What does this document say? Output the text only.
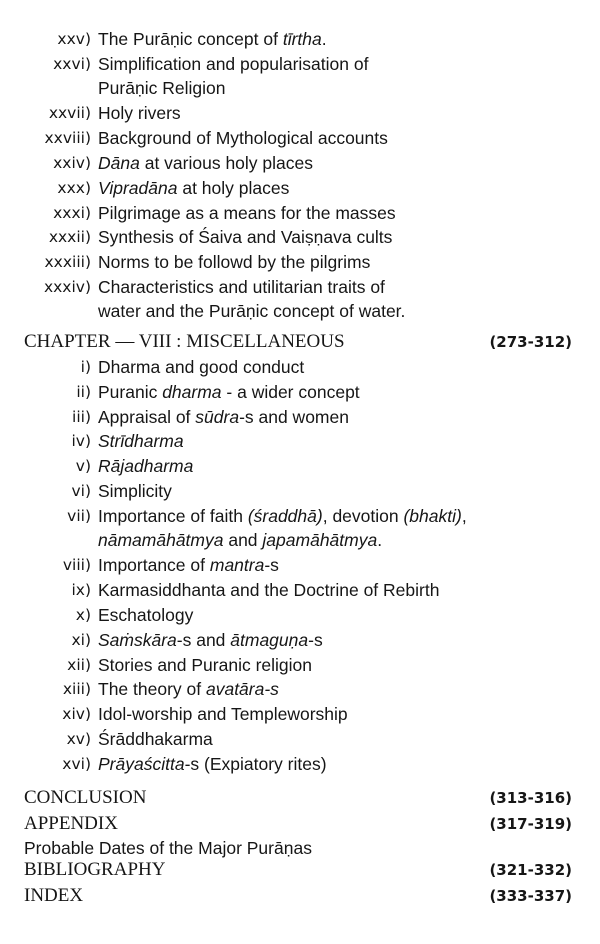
xxv) The Purāṇic concept of tīrtha.
xxvi) Simplification and popularisation of
Purāṇic Religion
xxvii) Holy rivers
xxviii) Background of Mythological accounts
xxiv) Dāna at various holy places
xxx) Vipradāna at holy places
xxxi) Pilgrimage as a means for the masses
xxxii) Synthesis of Śaiva and Vaiṣṇava cults
xxxiii) Norms to be followd by the pilgrims
xxxiv) Characteristics and utilitarian traits of
water and the Purāṇic concept of water.
CHAPTER — VIII : MISCELLANEOUS	(273-312)
i) Dharma and good conduct
ii) Puranic dharma - a wider concept
iii) Appraisal of sūdra-s and women
iv) Strīdharma
v) Rājadharma
vi) Simplicity
vii) Importance of faith (śraddhā), devotion (bhakti),
nāmamāhātmya and japamāhātmya.
viii) Importance of mantra-s
ix) Karmasiddhanta and the Doctrine of Rebirth
x) Eschatology
xi) Saṁskāra-s and ātmaguṇa-s
xii) Stories and Puranic religion
xiii) The theory of avatāra-s
xiv) Idol-worship and Templeworship
xv) Śrāddhakarma
xvi) Prāyaścitta-s (Expiatory rites)
CONCLUSION	(313-316)
APPENDIX	(317-319)
Probable Dates of the Major Purāṇas
BIBLIOGRAPHY	(321-332)
INDEX	(333-337)
